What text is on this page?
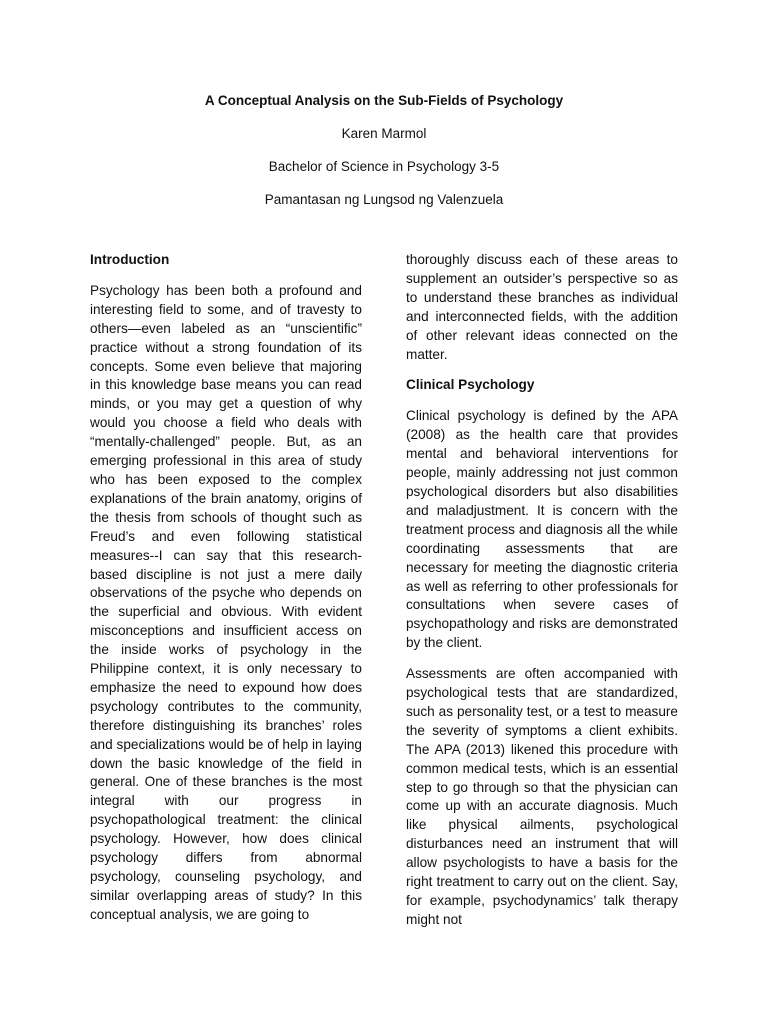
A Conceptual Analysis on the Sub-Fields of Psychology

Karen Marmol

Bachelor of Science in Psychology 3-5

Pamantasan ng Lungsod ng Valenzuela

Introduction
Psychology has been both a profound and interesting field to some, and of travesty to others—even labeled as an “unscientific” practice without a strong foundation of its concepts. Some even believe that majoring in this knowledge base means you can read minds, or you may get a question of why would you choose a field who deals with “mentally-challenged” people. But, as an emerging professional in this area of study who has been exposed to the complex explanations of the brain anatomy, origins of the thesis from schools of thought such as Freud’s and even following statistical measures--I can say that this research-based discipline is not just a mere daily observations of the psyche who depends on the superficial and obvious. With evident misconceptions and insufficient access on the inside works of psychology in the Philippine context, it is only necessary to emphasize the need to expound how does psychology contributes to the community, therefore distinguishing its branches’ roles and specializations would be of help in laying down the basic knowledge of the field in general. One of these branches is the most integral with our progress in psychopathological treatment: the clinical psychology. However, how does clinical psychology differs from abnormal psychology, counseling psychology, and similar overlapping areas of study? In this conceptual analysis, we are going to
thoroughly discuss each of these areas to supplement an outsider’s perspective so as to understand these branches as individual and interconnected fields, with the addition of other relevant ideas connected on the matter.
Clinical Psychology
Clinical psychology is defined by the APA (2008) as the health care that provides mental and behavioral interventions for people, mainly addressing not just common psychological disorders but also disabilities and maladjustment. It is concern with the treatment process and diagnosis all the while coordinating assessments that are necessary for meeting the diagnostic criteria as well as referring to other professionals for consultations when severe cases of psychopathology and risks are demonstrated by the client.
Assessments are often accompanied with psychological tests that are standardized, such as personality test, or a test to measure the severity of symptoms a client exhibits. The APA (2013) likened this procedure with common medical tests, which is an essential step to go through so that the physician can come up with an accurate diagnosis. Much like physical ailments, psychological disturbances need an instrument that will allow psychologists to have a basis for the right treatment to carry out on the client. Say, for example, psychodynamics’ talk therapy might not
